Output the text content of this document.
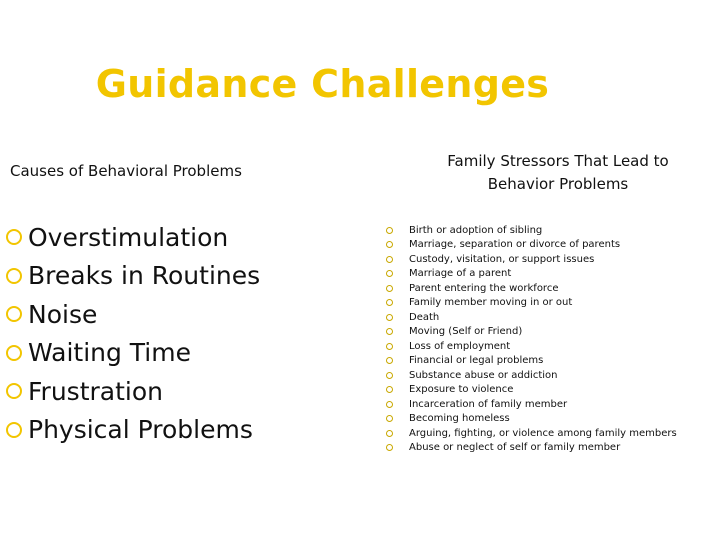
Guidance Challenges
Causes of Behavioral Problems
Family Stressors That Lead to
Behavior Problems
Overstimulation
Breaks in Routines
Noise
Waiting Time
Frustration
Physical Problems
Birth or adoption of sibling
Marriage, separation or divorce of parents
Custody, visitation, or support issues
Marriage of a parent
Parent entering the workforce
Family member moving in or out
Death
Moving (Self or Friend)
Loss of employment
Financial or legal problems
Substance abuse or addiction
Exposure to violence
Incarceration of family member
Becoming homeless
Arguing, fighting, or violence among family members
Abuse or neglect of self or family member
